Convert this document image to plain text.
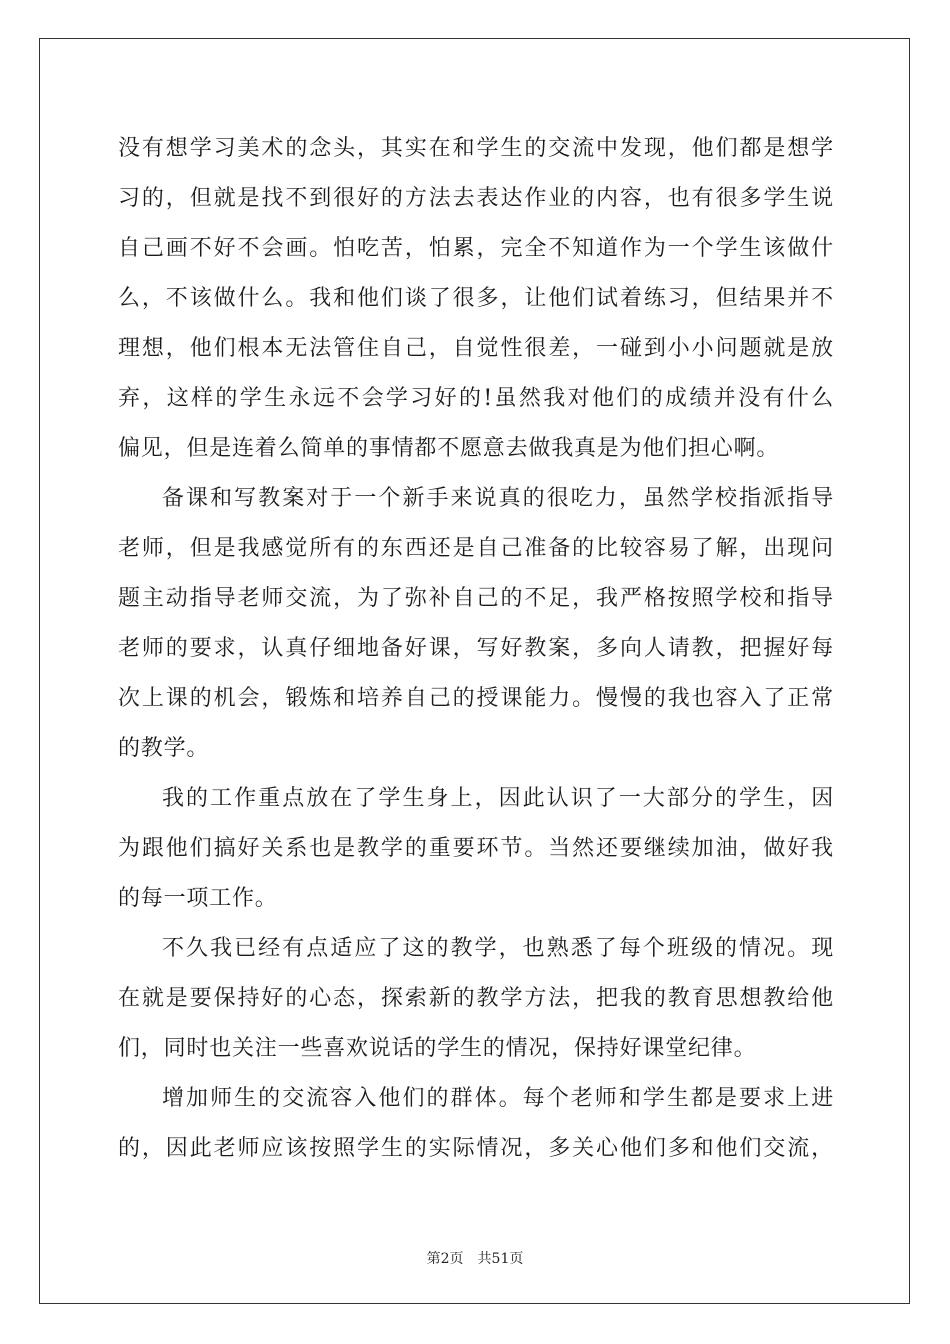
没有想学习美术的念头，其实在和学生的交流中发现，他们都是想学
习的，但就是找不到很好的方法去表达作业的内容，也有很多学生说
自己画不好不会画。怕吃苦，怕累，完全不知道作为一个学生该做什
么，不该做什么。我和他们谈了很多，让他们试着练习，但结果并不
理想，他们根本无法管住自己，自觉性很差，一碰到小小问题就是放
弃，这样的学生永远不会学习好的!虽然我对他们的成绩并没有什么
偏见，但是连着么简单的事情都不愿意去做我真是为他们担心啊。
备课和写教案对于一个新手来说真的很吃力，虽然学校指派指导
老师，但是我感觉所有的东西还是自己准备的比较容易了解，出现问
题主动指导老师交流，为了弥补自己的不足，我严格按照学校和指导
老师的要求，认真仔细地备好课，写好教案，多向人请教，把握好每
次上课的机会，锻炼和培养自己的授课能力。慢慢的我也容入了正常
的教学。
我的工作重点放在了学生身上，因此认识了一大部分的学生，因
为跟他们搞好关系也是教学的重要环节。当然还要继续加油，做好我
的每一项工作。
不久我已经有点适应了这的教学，也熟悉了每个班级的情况。现
在就是要保持好的心态，探索新的教学方法，把我的教育思想教给他
们，同时也关注一些喜欢说话的学生的情况，保持好课堂纪律。
增加师生的交流容入他们的群体。每个老师和学生都是要求上进
的，因此老师应该按照学生的实际情况，多关心他们多和他们交流，
第2页 共51页
